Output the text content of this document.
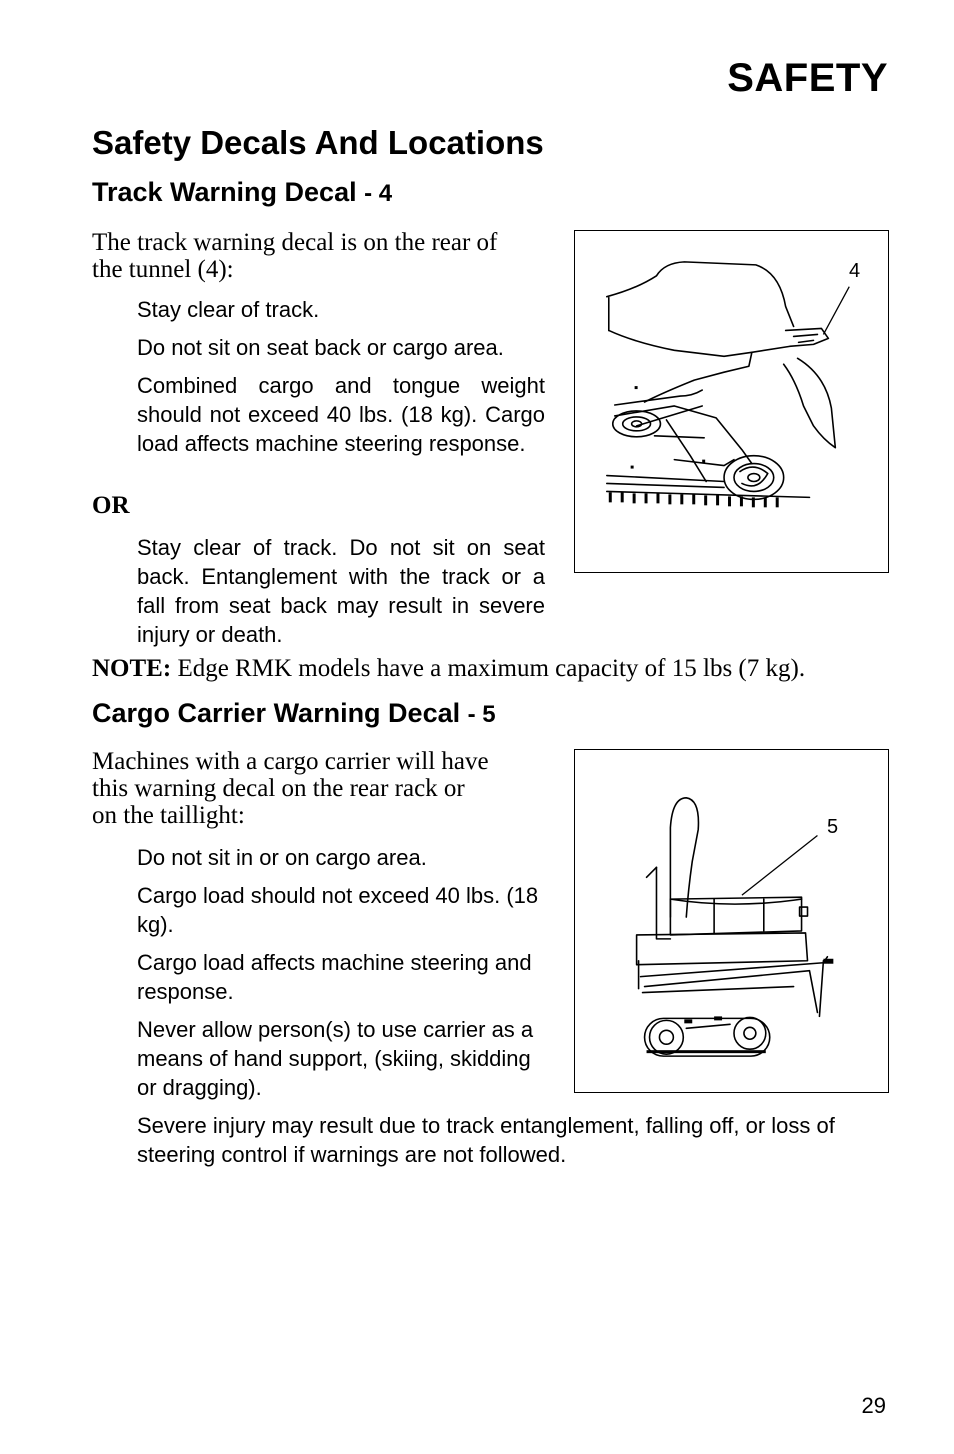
SAFETY
Safety Decals And Locations
Track Warning Decal - 4
The track warning decal is on the rear of
the tunnel (4):
Stay clear of track.
Do not sit on seat back or cargo area.
Combined cargo and tongue weight should not exceed 40 lbs. (18 kg). Cargo load affects machine steering response.
OR
Stay clear of track. Do not sit on seat back. Entanglement with the track or a fall from seat back may result in severe injury or death.
4
NOTE: Edge RMK models have a maximum capacity of 15 lbs (7 kg).
Cargo Carrier Warning Decal - 5
Machines with a cargo carrier will have
this warning decal on the rear rack or
on the taillight:
Do not sit in or on cargo area.
Cargo load should not exceed 40 lbs. (18 kg).
Cargo load affects machine steering and response.
Never allow person(s) to use carrier as a means of hand support, (skiing, skidding or dragging).
Severe injury may result due to track entanglement, falling off, or loss of steering control if warnings are not followed.
5
29
